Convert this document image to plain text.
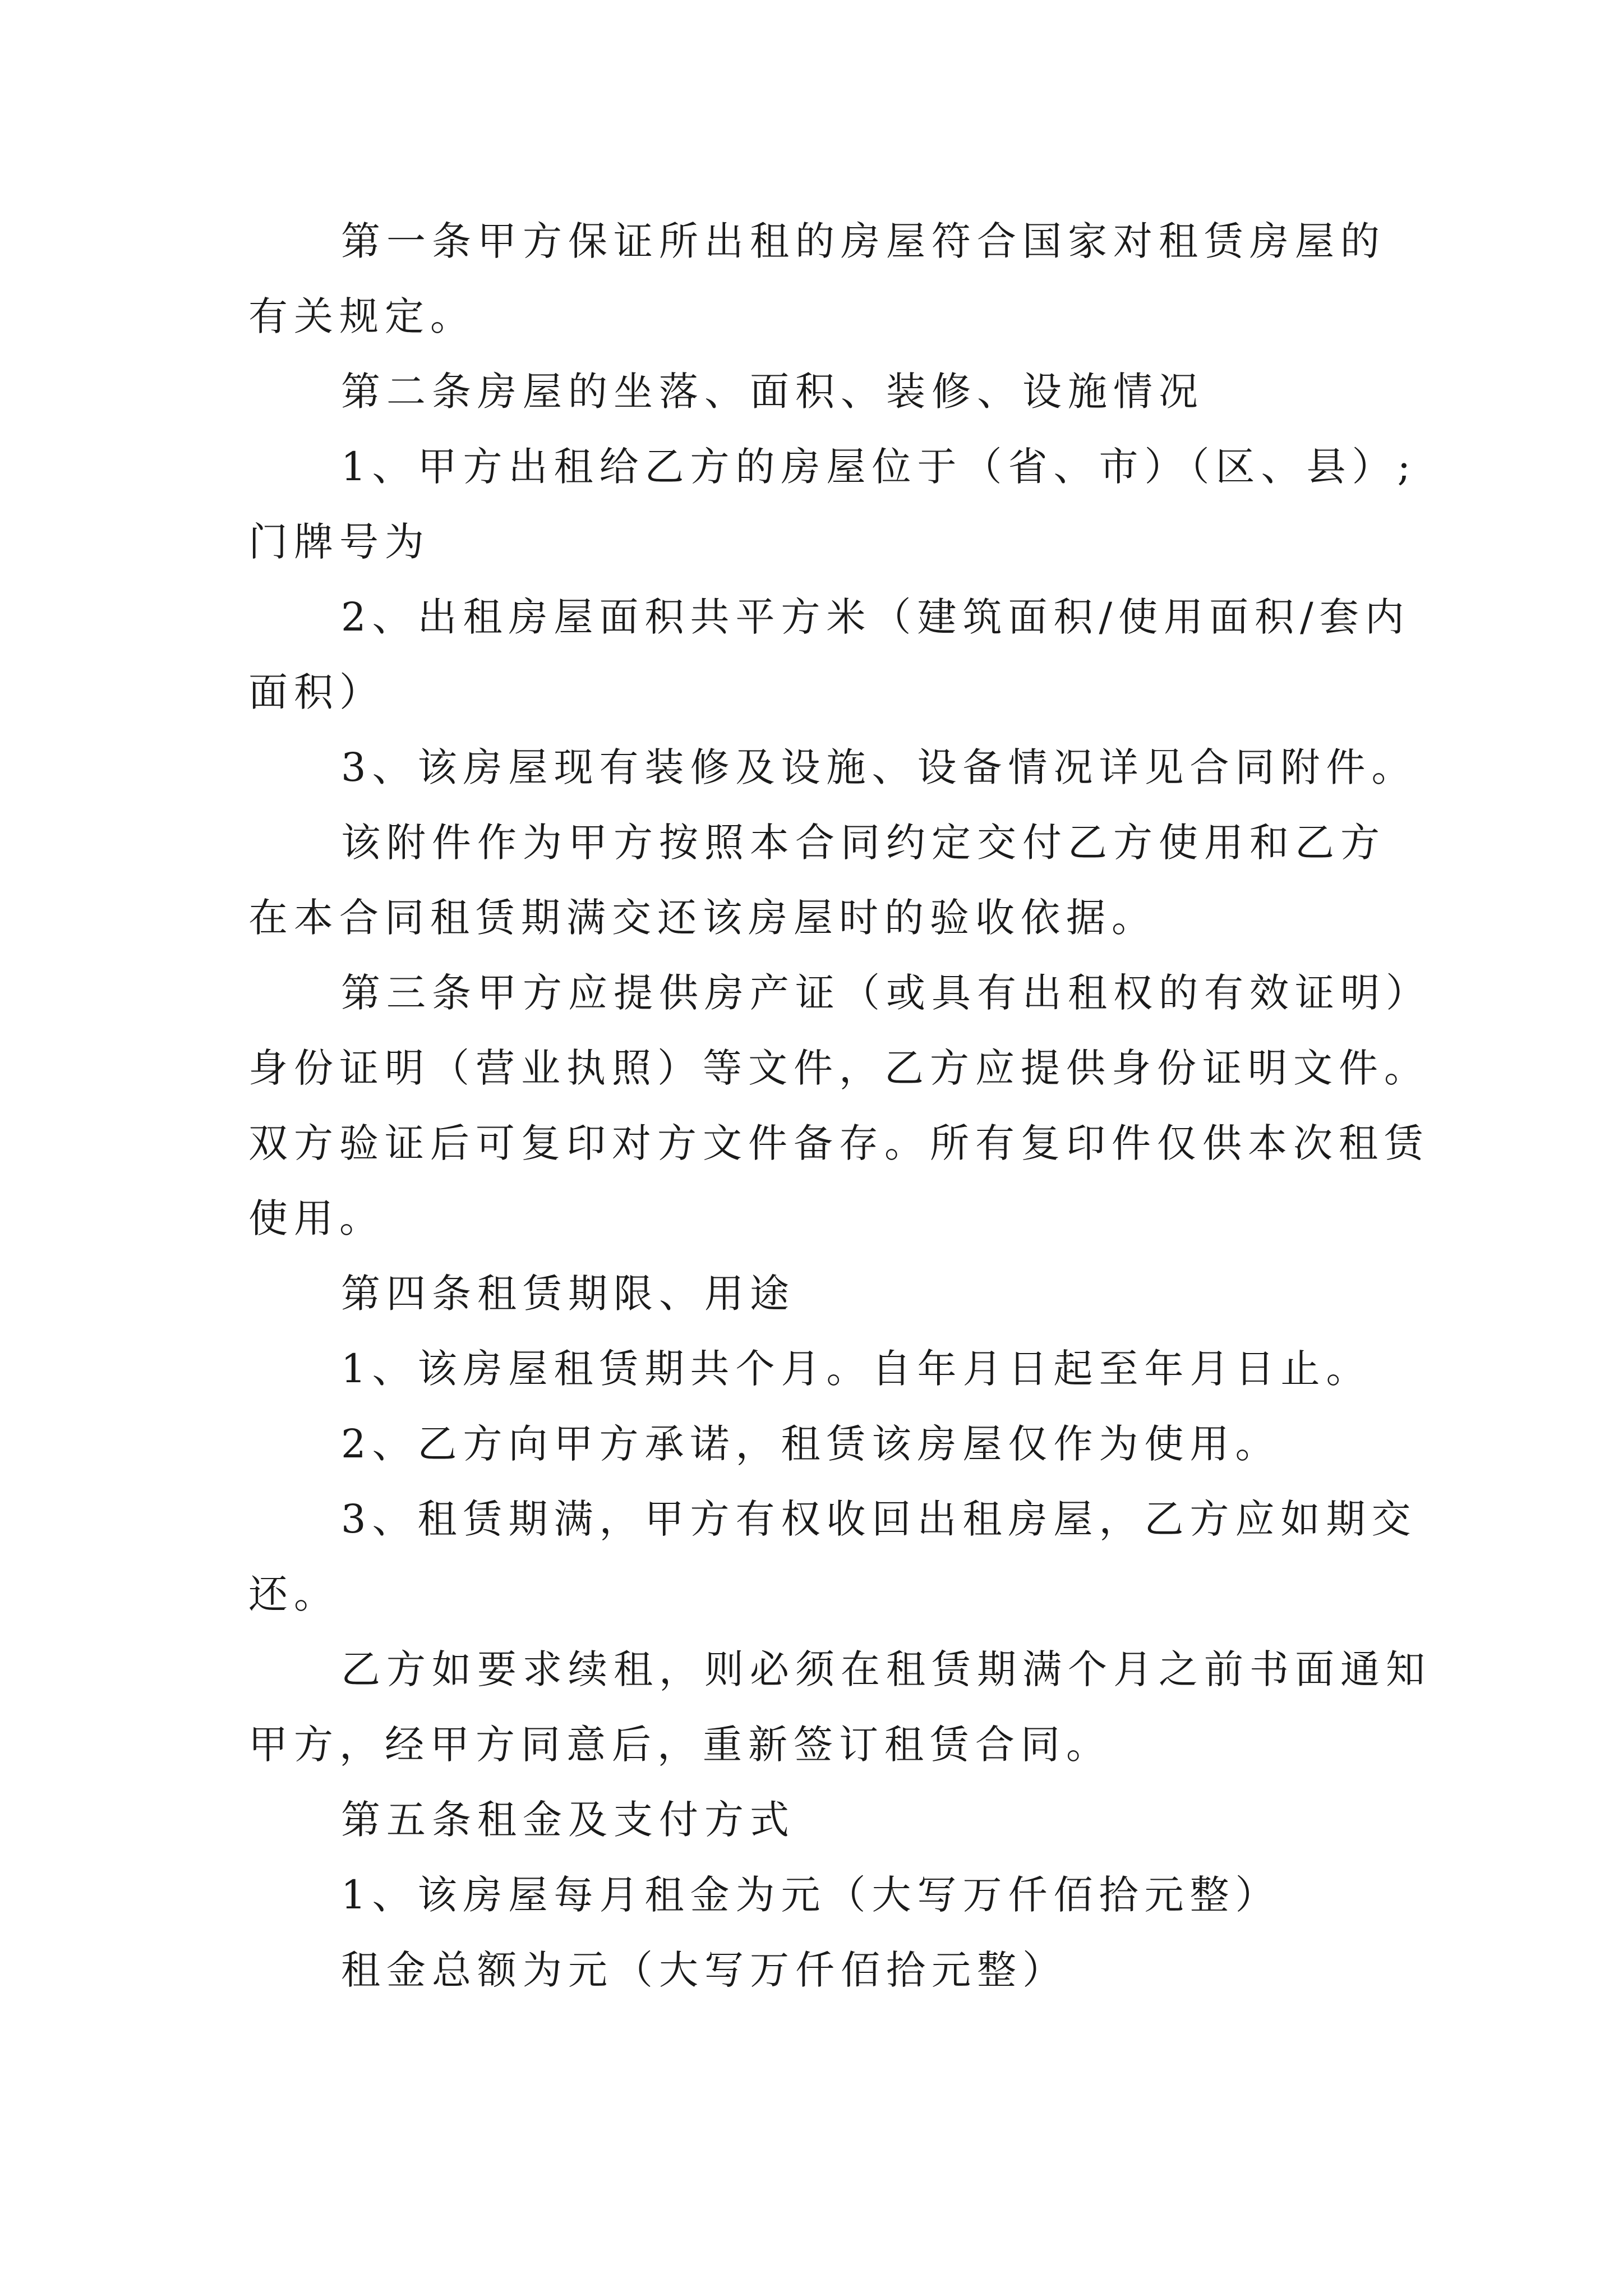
第一条甲方保证所出租的房屋符合国家对租赁房屋的
有关规定。
第二条房屋的坐落、面积、装修、设施情况
1、甲方出租给乙方的房屋位于（省、市）（区、县）;
门牌号为
2、出租房屋面积共平方米（建筑面积/使用面积/套内
面积）
3、该房屋现有装修及设施、设备情况详见合同附件。
该附件作为甲方按照本合同约定交付乙方使用和乙方
在本合同租赁期满交还该房屋时的验收依据。
第三条甲方应提供房产证（或具有出租权的有效证明）
身份证明（营业执照）等文件，乙方应提供身份证明文件。
双方验证后可复印对方文件备存。所有复印件仅供本次租赁
使用。
第四条租赁期限、用途
1、该房屋租赁期共个月。自年月日起至年月日止。
2、乙方向甲方承诺，租赁该房屋仅作为使用。
3、租赁期满，甲方有权收回出租房屋，乙方应如期交
还。
乙方如要求续租，则必须在租赁期满个月之前书面通知
甲方，经甲方同意后，重新签订租赁合同。
第五条租金及支付方式
1、该房屋每月租金为元（大写万仟佰拾元整）
租金总额为元（大写万仟佰拾元整）
